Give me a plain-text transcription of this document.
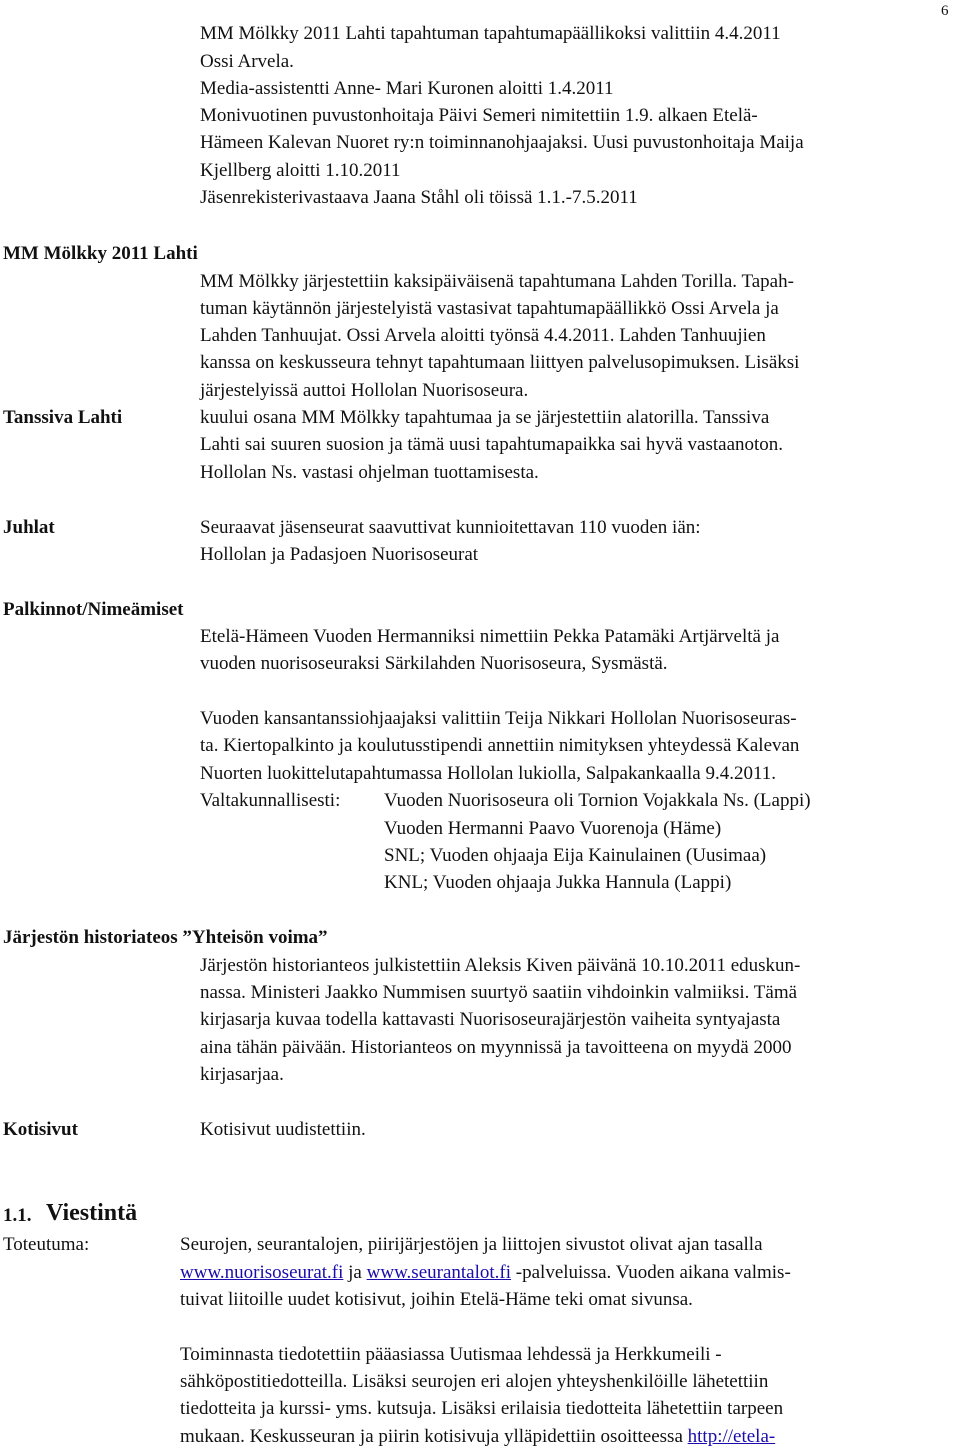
6
MM Mölkky 2011 Lahti tapahtuman tapahtumapäällikoksi valittiin 4.4.2011
Ossi Arvela.
Media-assistentti Anne- Mari Kuronen aloitti 1.4.2011
Monivuotinen puvustonhoitaja Päivi Semeri nimitettiin 1.9. alkaen Etelä-
Hämeen Kalevan Nuoret ry:n toiminnanohjaajaksi. Uusi puvustonhoitaja Maija
Kjellberg aloitti 1.10.2011
Jäsenrekisterivastaava Jaana Ståhl oli töissä 1.1.-7.5.2011
MM Mölkky 2011 Lahti
MM Mölkky järjestettiin kaksipäiväisenä tapahtumana Lahden Torilla. Tapah-
tuman käytännön järjestelyistä vastasivat tapahtumapäällikkö Ossi Arvela ja
Lahden Tanhuujat. Ossi Arvela aloitti työnsä 4.4.2011. Lahden Tanhuujien
kanssa on keskusseura tehnyt tapahtumaan liittyen palvelusopimuksen. Lisäksi
järjestelyissä auttoi Hollolan Nuorisoseura.
Tanssiva Lahti	kuului osana MM Mölkky tapahtumaa ja se järjestettiin alatorilla. Tanssiva
Lahti sai suuren suosion ja tämä uusi tapahtumapaikka sai hyvä vastaanoton.
Hollolan Ns. vastasi ohjelman tuottamisesta.
Juhlat	Seuraavat jäsenseurat saavuttivat kunnioitettavan 110 vuoden iän:
Hollolan ja Padasjoen Nuorisoseurat
Palkinnot/Nimeämiset
Etelä-Hämeen Vuoden Hermanniksi nimettiin Pekka Patamäki Artjärveltä ja
vuoden nuorisoseuraksi Särkilahden Nuorisoseura, Sysmästä.
Vuoden kansantanssiohjaajaksi valittiin Teija Nikkari Hollolan Nuorisoseuras-
ta. Kiertopalkinto ja koulutusstipendi annettiin nimityksen yhteydessä Kalevan
Nuorten luokittelutapahtumassa Hollolan lukiolla, Salpakankaalla 9.4.2011.
Valtakunnallisesti: Vuoden Nuorisoseura oli Tornion Vojakkala Ns. (Lappi)
Vuoden Hermanni Paavo Vuorenoja (Häme)
SNL; Vuoden ohjaaja Eija Kainulainen (Uusimaa)
KNL; Vuoden ohjaaja Jukka Hannula (Lappi)
Järjestön historiateos ”Yhteisön voima”
Järjestön historianteos julkistettiin Aleksis Kiven päivänä 10.10.2011 eduskun-
nassa. Ministeri Jaakko Nummisen suurtyö saatiin vihdoinkin valmiiksi. Tämä
kirjasarja kuvaa todella kattavasti Nuorisoseurajärjestön vaiheita syntyajasta
aina tähän päivään. Historianteos on myynnissä ja tavoitteena on myydä 2000
kirjasarjaa.
Kotisivut	Kotisivut uudistettiin.
1.1. Viestintä
Toteutuma:	Seurojen, seurantalojen, piirijärjestöjen ja liittojen sivustot olivat ajan tasalla
www.nuorisoseurat.fi ja www.seurantalot.fi -palveluissa. Vuoden aikana valmis-
tuivat liitoille uudet kotisivut, joihin Etelä-Häme teki omat sivunsa.
Toiminnasta tiedotettiin pääasiassa Uutismaa lehdessä ja Herkkumeili -
sähköpostitiedotteilla. Lisäksi seurojen eri alojen yhteyshenkilöille lähetettiin
tiedotteita ja kurssi- yms. kutsuja. Lisäksi erilaisia tiedotteita lähetettiin tarpeen
mukaan. Keskusseuran ja piirin kotisivuja ylläpidettiin osoitteessa http://etela-
